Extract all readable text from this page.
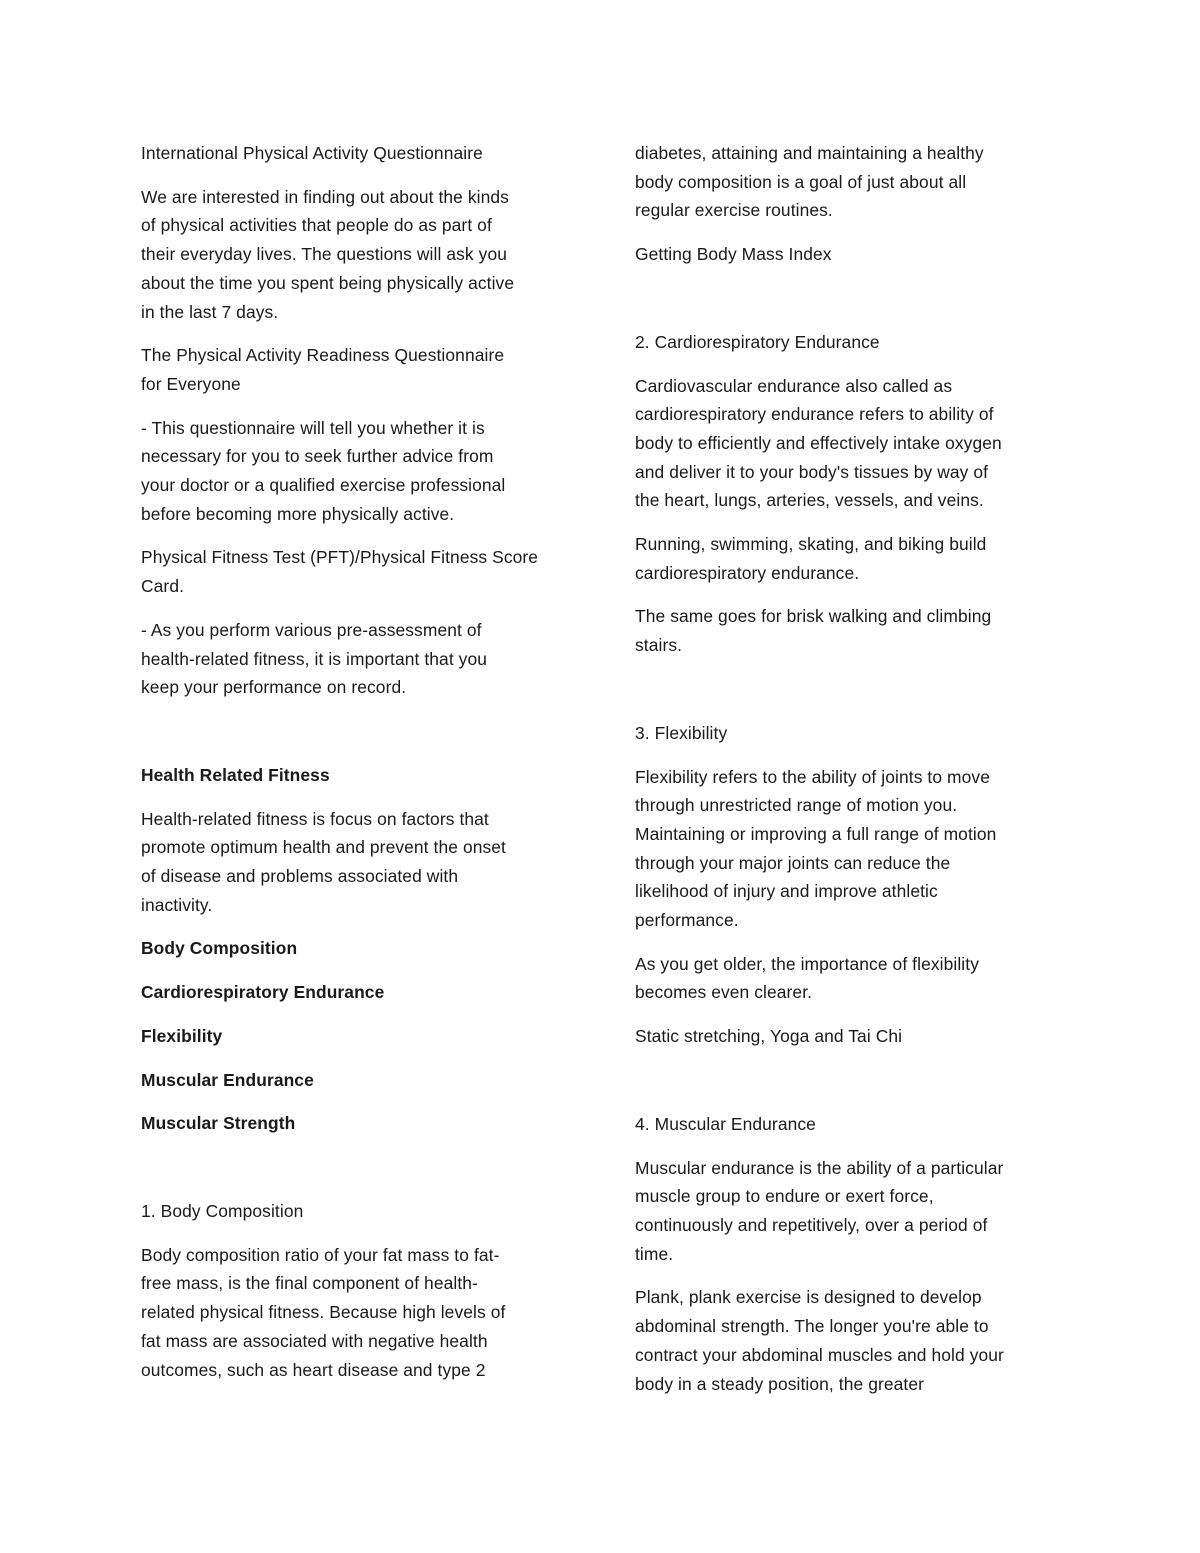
International Physical Activity Questionnaire

We are interested in finding out about the kinds
of physical activities that people do as part of
their everyday lives. The questions will ask you
about the time you spent being physically active
in the last 7 days.

The Physical Activity Readiness Questionnaire
for Everyone

- This questionnaire will tell you whether it is
necessary for you to seek further advice from
your doctor or a qualified exercise professional
before becoming more physically active.

Physical Fitness Test (PFT)/Physical Fitness Score
Card.

- As you perform various pre-assessment of
health-related fitness, it is important that you
keep your performance on record.

Health Related Fitness

Health-related fitness is focus on factors that
promote optimum health and prevent the onset
of disease and problems associated with
inactivity.

Body Composition

Cardiorespiratory Endurance

Flexibility

Muscular Endurance

Muscular Strength

1. Body Composition

Body composition ratio of your fat mass to fat-
free mass, is the final component of health-
related physical fitness. Because high levels of
fat mass are associated with negative health
outcomes, such as heart disease and type 2

diabetes, attaining and maintaining a healthy
body composition is a goal of just about all
regular exercise routines.

Getting Body Mass Index

2. Cardiorespiratory Endurance

Cardiovascular endurance also called as
cardiorespiratory endurance refers to ability of
body to efficiently and effectively intake oxygen
and deliver it to your body's tissues by way of
the heart, lungs, arteries, vessels, and veins.

Running, swimming, skating, and biking build
cardiorespiratory endurance.

The same goes for brisk walking and climbing
stairs.

3. Flexibility

Flexibility refers to the ability of joints to move
through unrestricted range of motion you.
Maintaining or improving a full range of motion
through your major joints can reduce the
likelihood of injury and improve athletic
performance.

As you get older, the importance of flexibility
becomes even clearer.

Static stretching, Yoga and Tai Chi

4. Muscular Endurance

Muscular endurance is the ability of a particular
muscle group to endure or exert force,
continuously and repetitively, over a period of
time.

Plank, plank exercise is designed to develop
abdominal strength. The longer you're able to
contract your abdominal muscles and hold your
body in a steady position, the greater
